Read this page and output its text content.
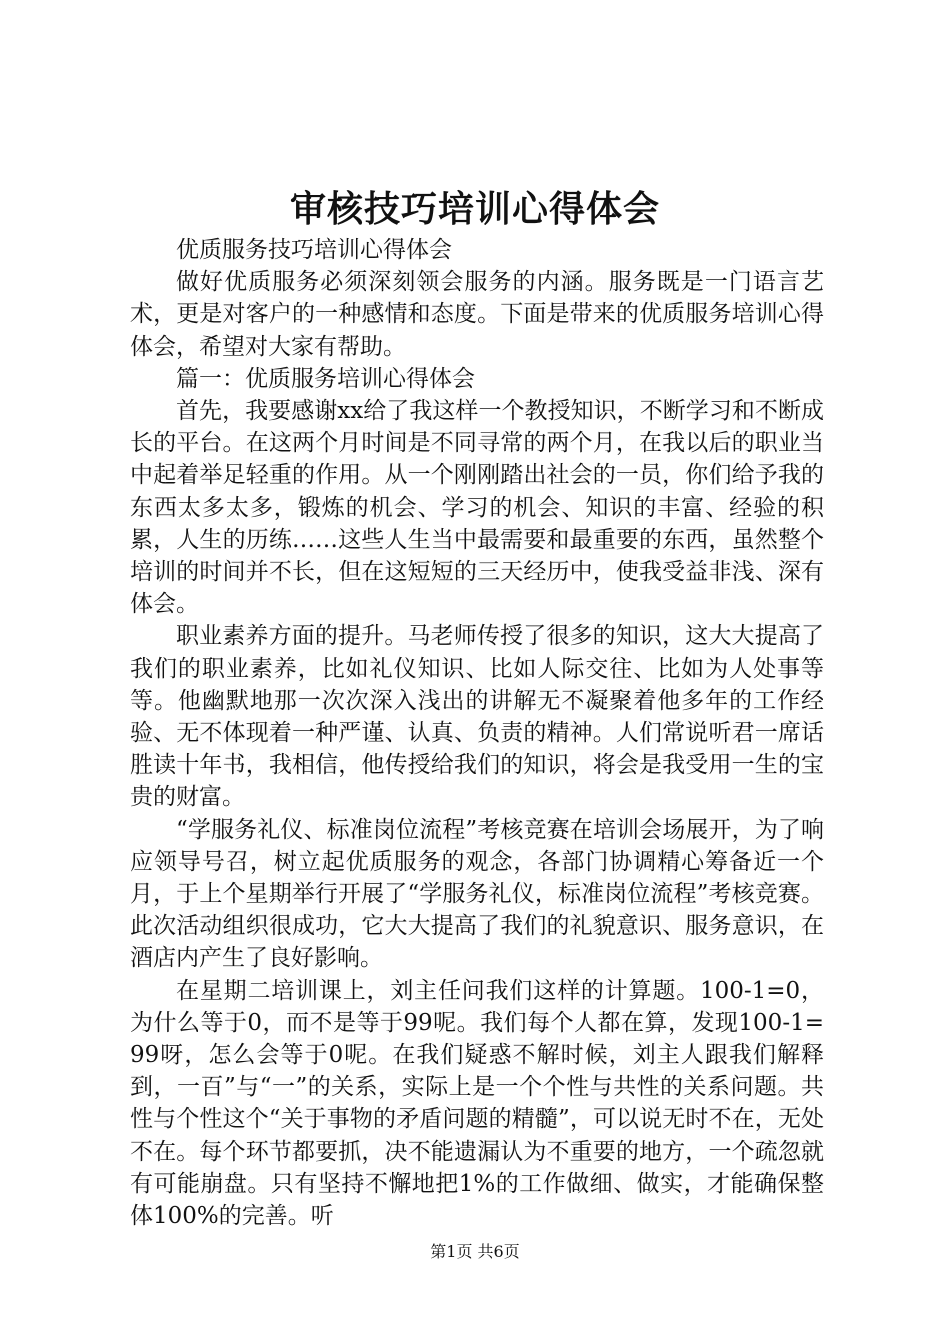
审核技巧培训心得体会

优质服务技巧培训心得体会

做好优质服务必须深刻领会服务的内涵。服务既是一门语言艺术，更是对客户的一种感情和态度。下面是带来的优质服务培训心得体会，希望对大家有帮助。

篇一：优质服务培训心得体会

首先，我要感谢xx给了我这样一个教授知识，不断学习和不断成长的平台。在这两个月时间是不同寻常的两个月，在我以后的职业当中起着举足轻重的作用。从一个刚刚踏出社会的一员，你们给予我的东西太多太多，锻炼的机会、学习的机会、知识的丰富、经验的积累，人生的历练……这些人生当中最需要和最重要的东西，虽然整个培训的时间并不长，但在这短短的三天经历中，使我受益非浅、深有体会。

职业素养方面的提升。马老师传授了很多的知识，这大大提高了我们的职业素养，比如礼仪知识、比如人际交往、比如为人处事等等。他幽默地那一次次深入浅出的讲解无不凝聚着他多年的工作经验、无不体现着一种严谨、认真、负责的精神。人们常说听君一席话胜读十年书，我相信，他传授给我们的知识，将会是我受用一生的宝贵的财富。

“学服务礼仪、标准岗位流程”考核竞赛在培训会场展开，为了响应领导号召，树立起优质服务的观念，各部门协调精心筹备近一个月，于上个星期举行开展了“学服务礼仪，标准岗位流程”考核竞赛。此次活动组织很成功，它大大提高了我们的礼貌意识、服务意识，在酒店内产生了良好影响。

在星期二培训课上，刘主任问我们这样的计算题。100-1=0，为什么等于0，而不是等于99呢。我们每个人都在算，发现100-1=99呀，怎么会等于0呢。在我们疑惑不解时候，刘主人跟我们解释到，一百”与“一”的关系，实际上是一个个性与共性的关系问题。共性与个性这个“关于事物的矛盾问题的精髓”，可以说无时不在，无处不在。每个环节都要抓，决不能遗漏认为不重要的地方，一个疏忽就有可能崩盘。只有坚持不懈地把1%的工作做细、做实，才能确保整体100%的完善。听

第1页 共6页
